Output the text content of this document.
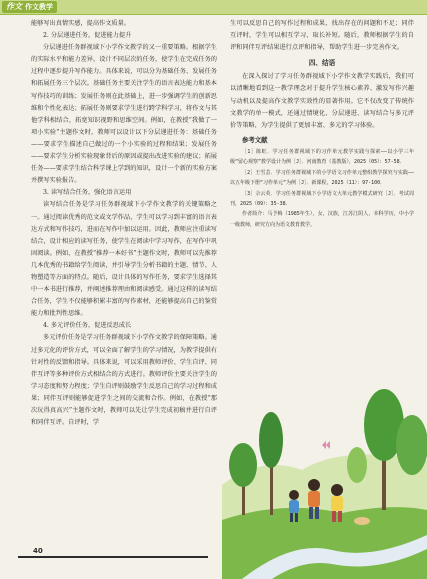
作文 作文教学

能够写出真情实感，提高作文质量。

2. 分层递进任务，促进能力提升

分层递进任务群视域下小学作文教学的又一重要策略。根据学生的实际水平和能力差异，设计不同层次的任务，使学生在完成任务的过程中逐步提升写作能力。具体来说，可以分为基础任务、发展任务和拓展任务三个层次。基础任务主要关注学生的语言表达能力和基本写作技巧的训练；发展任务则在此基础上，进一步强调学生的创新思维和个性化表达；拓展任务则要求学生进行跨学科学习，将作文与其他学科相结合，拓宽知识视野和思维空间。例如，在教授“我做了一项小实验”主题作文时，教师可以设计以下分层递进任务：基础任务——要求学生描述自己做过的一个小实验的过程和结果；发展任务——要求学生分析实验现象背后的原因或提出改进实验的建议；拓展任务——要求学生结合科学课上学到的知识，设计一个新的实验方案并撰写实验报告。

3. 读写结合任务，强化语言运用

读写结合任务是学习任务群视域下小学作文教学的关键策略之一。通过阅读优秀的范文或文学作品，学生可以学习到丰富的语言表达方式和写作技巧，进而在写作中加以运用。因此，教师应注重读写结合，设计相应的读写任务，使学生在阅读中学习写作，在写作中巩固阅读。例如，在教授“推荐一本好书”主题作文时，教师可以先推荐几本优秀的书籍给学生阅读，并引导学生分析书籍的主题、情节、人物塑造等方面的特点。随后，设计具体的写作任务，要求学生选择其中一本书进行推荐，并阐述推荐理由和阅读感受。通过这样的读写结合任务，学生不仅能够积累丰富的写作素材，还能够提高自己的鉴赏能力和批判性思维。

4. 多元评价任务，促进反思成长

多元评价任务是学习任务群视域下小学作文教学的保障策略。通过多元化的评价方式，可以全面了解学生的学习情况，为教学提供有针对性的反馈和指导。具体来说，可以采用教师评价、学生自评、同伴互评等多种评价方式相结合的方式进行。教师评价主要关注学生的学习态度和努力程度；学生自评则鼓励学生反思自己的学习过程和成果；同伴互评则能够促进学生之间的交流和合作。例如，在教授“那次玩得真高兴”主题作文时，教师可以先让学生完成初稿并进行自评和同伴互评。自评时，学

生可以反思自己的写作过程和成果，找出存在的问题和不足；同伴互评时，学生可以相互学习、取长补短。随后，教师根据学生的自评和同伴互评结果进行点评和指导，帮助学生进一步完善作文。

四、结语

在深入探讨了学习任务群视域下小学作文教学实践后，我们可以清晰地看到这一教学理念对于提升学生核心素养、激发写作兴趣与动机以及提高作文教学实效性的显著作用。它不仅改变了传统作文教学的单一模式，还通过情境化、分层递进、读写结合与多元评价等策略，为学生提供了更加丰富、多元的学习体验。

参考文献

［1］陈虹．学习任务群视域下的习作单元教学实践与探索——以小学三年级“留心观察”教学设计为例［J］．河南教育（基教版），2025（05）：57-58．

［2］王雪芸．学习任务群视域下的小学语文习作单元整组教学探究与实践——以五年级下册“习作单元”为例［J］．新课程，2025（11）：97-100．

［3］佘云英．学习任务群视域下小学语文大单元教学模式研究［J］．考试周刊，2025（09）：35-38．

作者简介：马予梅（1985年生），女，汉族，江苏江阴人，本科学历，中小学一级教师，研究方向为语文教育教学。

40
